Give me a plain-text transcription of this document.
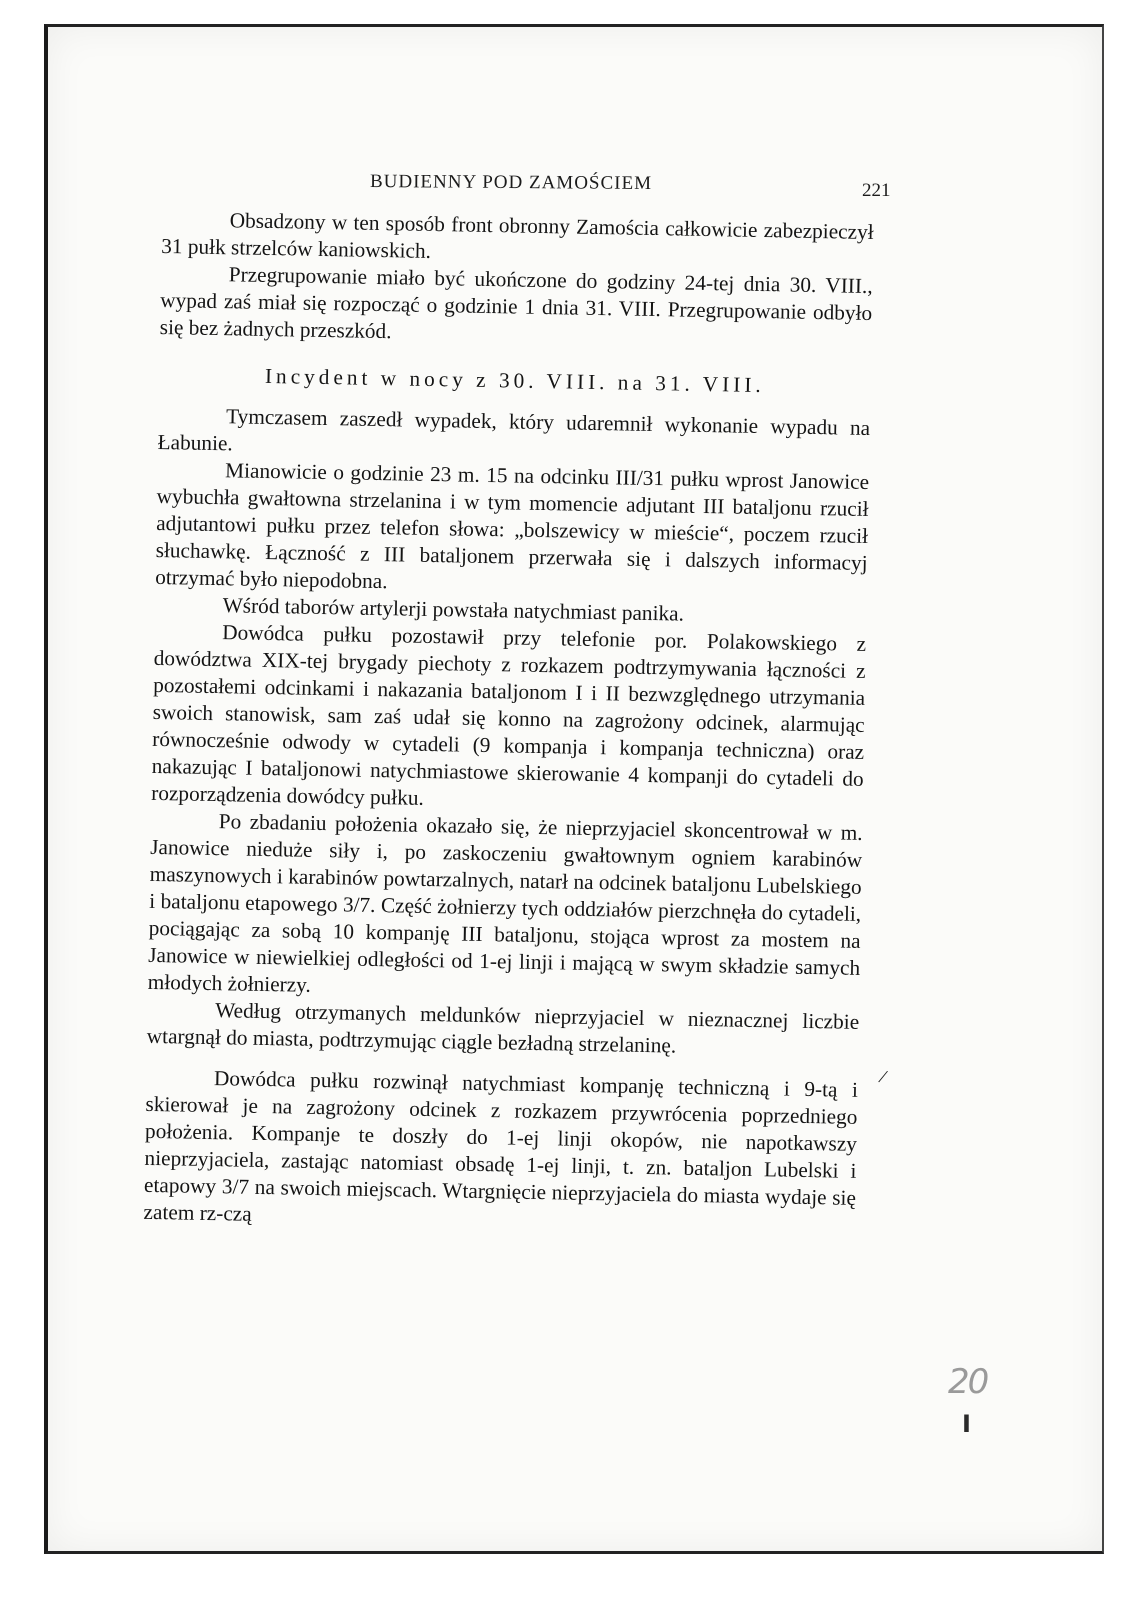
BUDIENNY POD ZAMOŚCIEM	221

Obsadzony w ten sposób front obronny Zamościa całkowicie zabezpieczył 31 pułk strzelców kaniowskich.

Przegrupowanie miało być ukończone do godziny 24-tej dnia 30. VIII., wypad zaś miał się rozpocząć o godzinie 1 dnia 31. VIII. Przegrupowanie odbyło się bez żadnych przeszkód.

Incydent w nocy z 30. VIII. na 31. VIII.

Tymczasem zaszedł wypadek, który udaremnił wykonanie wypadu na Łabunie.

Mianowicie o godzinie 23 m. 15 na odcinku III/31 pułku wprost Janowice wybuchła gwałtowna strzelanina i w tym momencie adjutant III bataljonu rzucił adjutantowi pułku przez telefon słowa: „bolszewicy w mieście“, poczem rzucił słuchawkę. Łączność z III bataljonem przerwała się i dalszych informacyj otrzymać było niepodobna.

Wśród taborów artylerji powstała natychmiast panika.

Dowódca pułku pozostawił przy telefonie por. Polakowskiego z dowództwa XIX-tej brygady piechoty z rozkazem podtrzymywania łączności z pozostałemi odcinkami i nakazania bataljonom I i II bezwzględnego utrzymania swoich stanowisk, sam zaś udał się konno na zagrożony odcinek, alarmując równocześnie odwody w cytadeli (9 kompanja i kompanja techniczna) oraz nakazując I bataljonowi natychmiastowe skierowanie 4 kompanji do cytadeli do rozporządzenia dowódcy pułku.

Po zbadaniu położenia okazało się, że nieprzyjaciel skoncentrował w m. Janowice nieduże siły i, po zaskoczeniu gwałtownym ogniem karabinów maszynowych i karabinów powtarzalnych, natarł na odcinek bataljonu Lubelskiego i bataljonu etapowego 3/7. Część żołnierzy tych oddziałów pierzchnęła do cytadeli, pociągając za sobą 10 kompanję III bataljonu, stojąca wprost za mostem na Janowice w niewielkiej odległości od 1-ej linji i mającą w swym składzie samych młodych żołnierzy.

Według otrzymanych meldunków nieprzyjaciel w nieznacznej liczbie wtargnął do miasta, podtrzymując ciągle bezładną strzelaninę.

Dowódca pułku rozwinął natychmiast kompanję techniczną i 9-tą i skierował je na zagrożony odcinek z rozkazem przywrócenia poprzedniego położenia. Kompanje te doszły do 1-ej linji okopów, nie napotkawszy nieprzyjaciela, zastając natomiast obsadę 1-ej linji, t. zn. bataljon Lubelski i etapowy 3/7 na swoich miejscach. Wtargnięcie nieprzyjaciela do miasta wydaje się zatem rz-czą

/
20
I
